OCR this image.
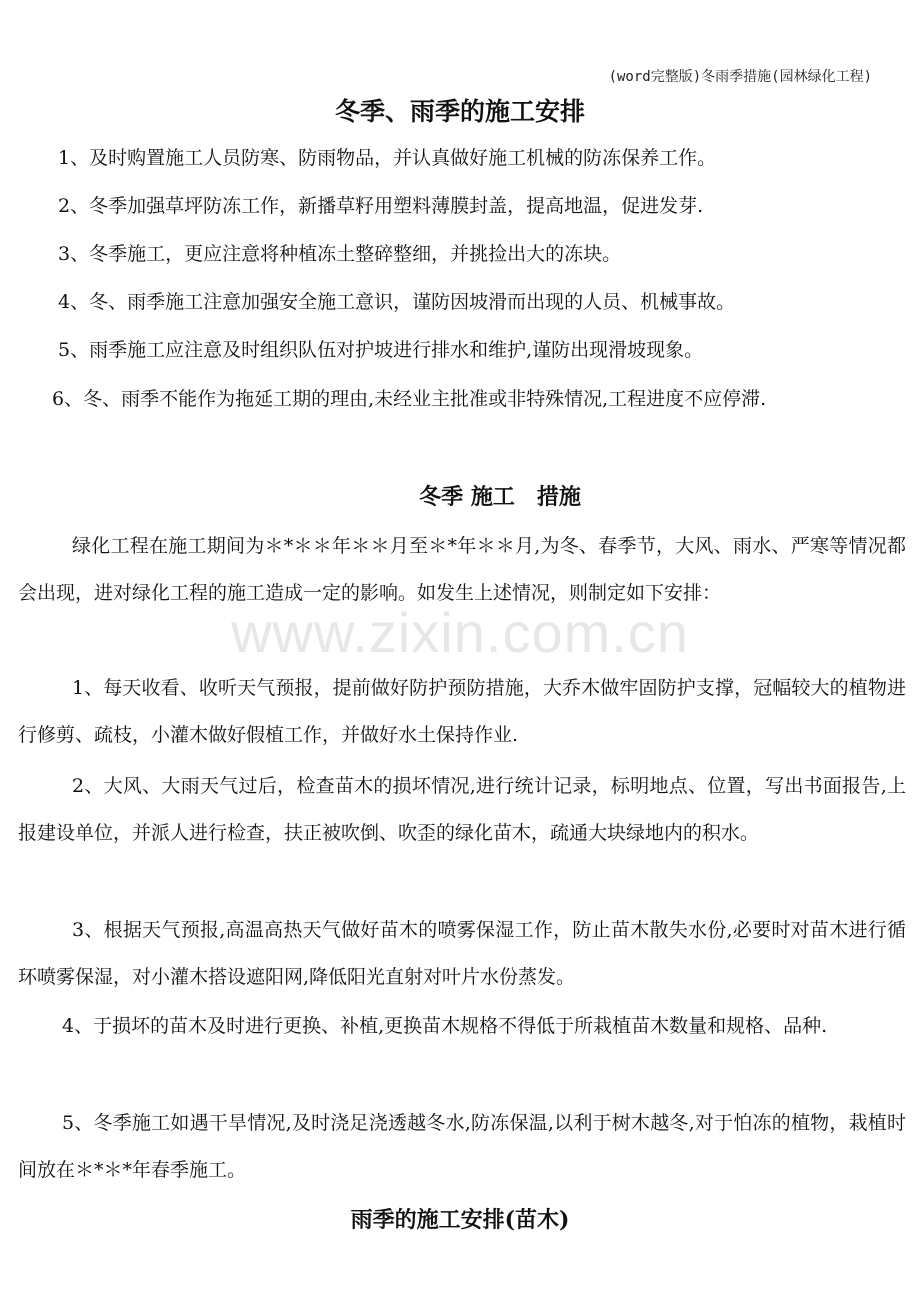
(word完整版)冬雨季措施(园林绿化工程)
www.zixin.com.cn
冬季、雨季的施工安排

1、及时购置施工人员防寒、防雨物品，并认真做好施工机械的防冻保养工作。

2、冬季加强草坪防冻工作，新播草籽用塑料薄膜封盖，提高地温，促进发芽.

3、冬季施工，更应注意将种植冻土整碎整细，并挑捡出大的冻块。

4、冬、雨季施工注意加强安全施工意识，谨防因坡滑而出现的人员、机械事故。

5、雨季施工应注意及时组织队伍对护坡进行排水和维护,谨防出现滑坡现象。

6、冬、雨季不能作为拖延工期的理由,未经业主批准或非特殊情况,工程进度不应停滞.

冬季 施工　措施

绿化工程在施工期间为＊*＊＊年＊＊月至＊*年＊＊月,为冬、春季节，大风、雨水、严寒等情况都会出现，进对绿化工程的施工造成一定的影响。如发生上述情况，则制定如下安排：

1、每天收看、收听天气预报，提前做好防护预防措施，大乔木做牢固防护支撑，冠幅较大的植物进行修剪、疏枝，小灌木做好假植工作，并做好水土保持作业.

2、大风、大雨天气过后，检查苗木的损坏情况,进行统计记录，标明地点、位置，写出书面报告,上报建设单位，并派人进行检查，扶正被吹倒、吹歪的绿化苗木，疏通大块绿地内的积水。

3、根据天气预报,高温高热天气做好苗木的喷雾保湿工作，防止苗木散失水份,必要时对苗木进行循环喷雾保湿，对小灌木搭设遮阳网,降低阳光直射对叶片水份蒸发。

4、于损坏的苗木及时进行更换、补植,更换苗木规格不得低于所栽植苗木数量和规格、品种.

5、冬季施工如遇干旱情况,及时浇足浇透越冬水,防冻保温,以利于树木越冬,对于怕冻的植物，栽植时间放在＊*＊*年春季施工。

雨季的施工安排(苗木)
